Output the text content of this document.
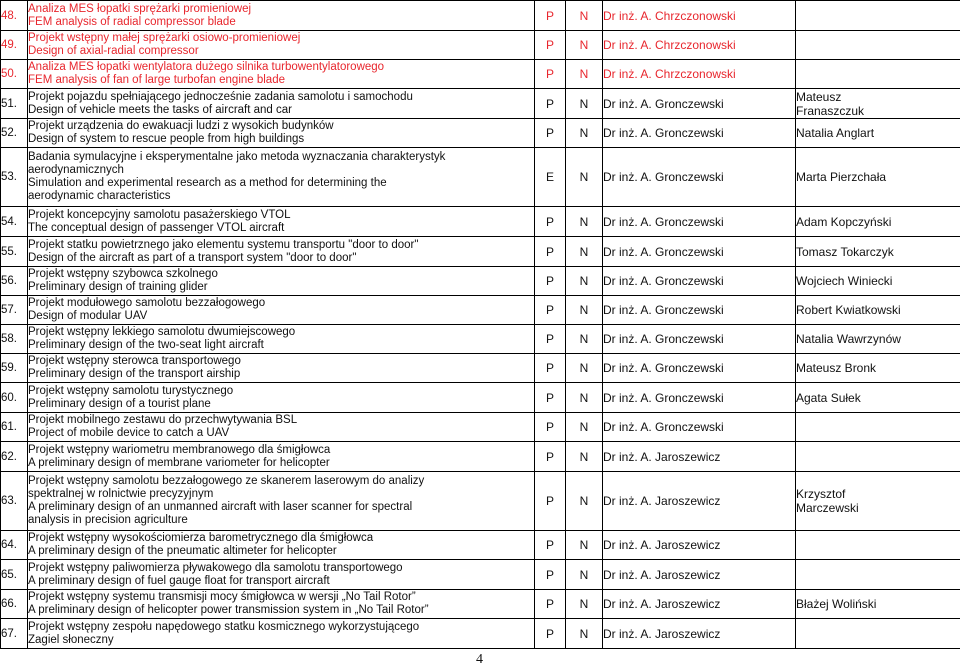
48.	Analiza MES łopatki sprężarki promieniowej
FEM analysis of radial compressor blade	P	N	Dr inż. A. Chrzczonowski	

49.	Projekt wstępny małej sprężarki osiowo-promieniowej
Design of axial-radial compressor	P	N	Dr inż. A. Chrzczonowski	

50.	Analiza MES łopatki wentylatora dużego silnika turbowentylatorowego
FEM analysis of fan of large turbofan engine blade	P	N	Dr inż. A. Chrzczonowski	

51.	Projekt pojazdu spełniającego jednocześnie zadania samolotu i samochodu
Design of vehicle meets the tasks of aircraft and car	P	N	Dr inż. A. Gronczewski	Mateusz
Franaszczuk

52.	Projekt urządzenia do ewakuacji ludzi z wysokich budynków
Design of system to rescue people from high buildings	P	N	Dr inż. A. Gronczewski	Natalia Anglart

53.	Badania symulacyjne i eksperymentalne jako metoda wyznaczania charakterystyk
aerodynamicznych
Simulation and experimental research as a method for determining the
aerodynamic characteristics	E	N	Dr inż. A. Gronczewski	Marta Pierzchała

54.	Projekt koncepcyjny samolotu pasażerskiego VTOL
The conceptual design of passenger VTOL aircraft	P	N	Dr inż. A. Gronczewski	Adam Kopczyński

55.	Projekt statku powietrznego jako elementu systemu transportu "door to door"
Design of the aircraft as part of a transport system "door to door"	P	N	Dr inż. A. Gronczewski	Tomasz Tokarczyk

56.	Projekt wstępny szybowca szkolnego
Preliminary design of training glider	P	N	Dr inż. A. Gronczewski	Wojciech Winiecki

57.	Projekt modułowego samolotu bezzałogowego
Design of modular UAV	P	N	Dr inż. A. Gronczewski	Robert Kwiatkowski

58.	Projekt wstępny lekkiego samolotu dwumiejscowego
Preliminary design of the two-seat light aircraft	P	N	Dr inż. A. Gronczewski	Natalia Wawrzynów

59.	Projekt wstępny sterowca transportowego
Preliminary design of the transport airship	P	N	Dr inż. A. Gronczewski	Mateusz Bronk

60.	Projekt wstępny samolotu turystycznego
Preliminary design of a tourist plane	P	N	Dr inż. A. Gronczewski	Agata Sułek

61.	Projekt mobilnego zestawu do przechwytywania BSL
Project of mobile device to catch a UAV	P	N	Dr inż. A. Gronczewski	

62.	Projekt wstępny wariometru membranowego dla śmigłowca
A preliminary design of membrane variometer for helicopter	P	N	Dr inż. A. Jaroszewicz	

63.	Projekt wstępny samolotu bezzałogowego ze skanerem laserowym do analizy
spektralnej w rolnictwie precyzyjnym
A preliminary design of an unmanned aircraft with laser scanner for spectral
analysis in precision agriculture	P	N	Dr inż. A. Jaroszewicz	Krzysztof
Marczewski

64.	Projekt wstępny wysokościomierza barometrycznego dla śmigłowca
A preliminary design of the pneumatic altimeter for helicopter	P	N	Dr inż. A. Jaroszewicz	

65.	Projekt wstępny paliwomierza pływakowego dla samolotu transportowego
A preliminary design of fuel gauge float for transport aircraft	P	N	Dr inż. A. Jaroszewicz	

66.	Projekt wstępny systemu transmisji mocy śmigłowca w wersji „No Tail Rotor”
A preliminary design of helicopter power transmission system in „No Tail Rotor”	P	N	Dr inż. A. Jaroszewicz	Błażej Woliński

67.	Projekt wstępny zespołu napędowego statku kosmicznego wykorzystującego
Żagiel słoneczny	P	N	Dr inż. A. Jaroszewicz	
4
